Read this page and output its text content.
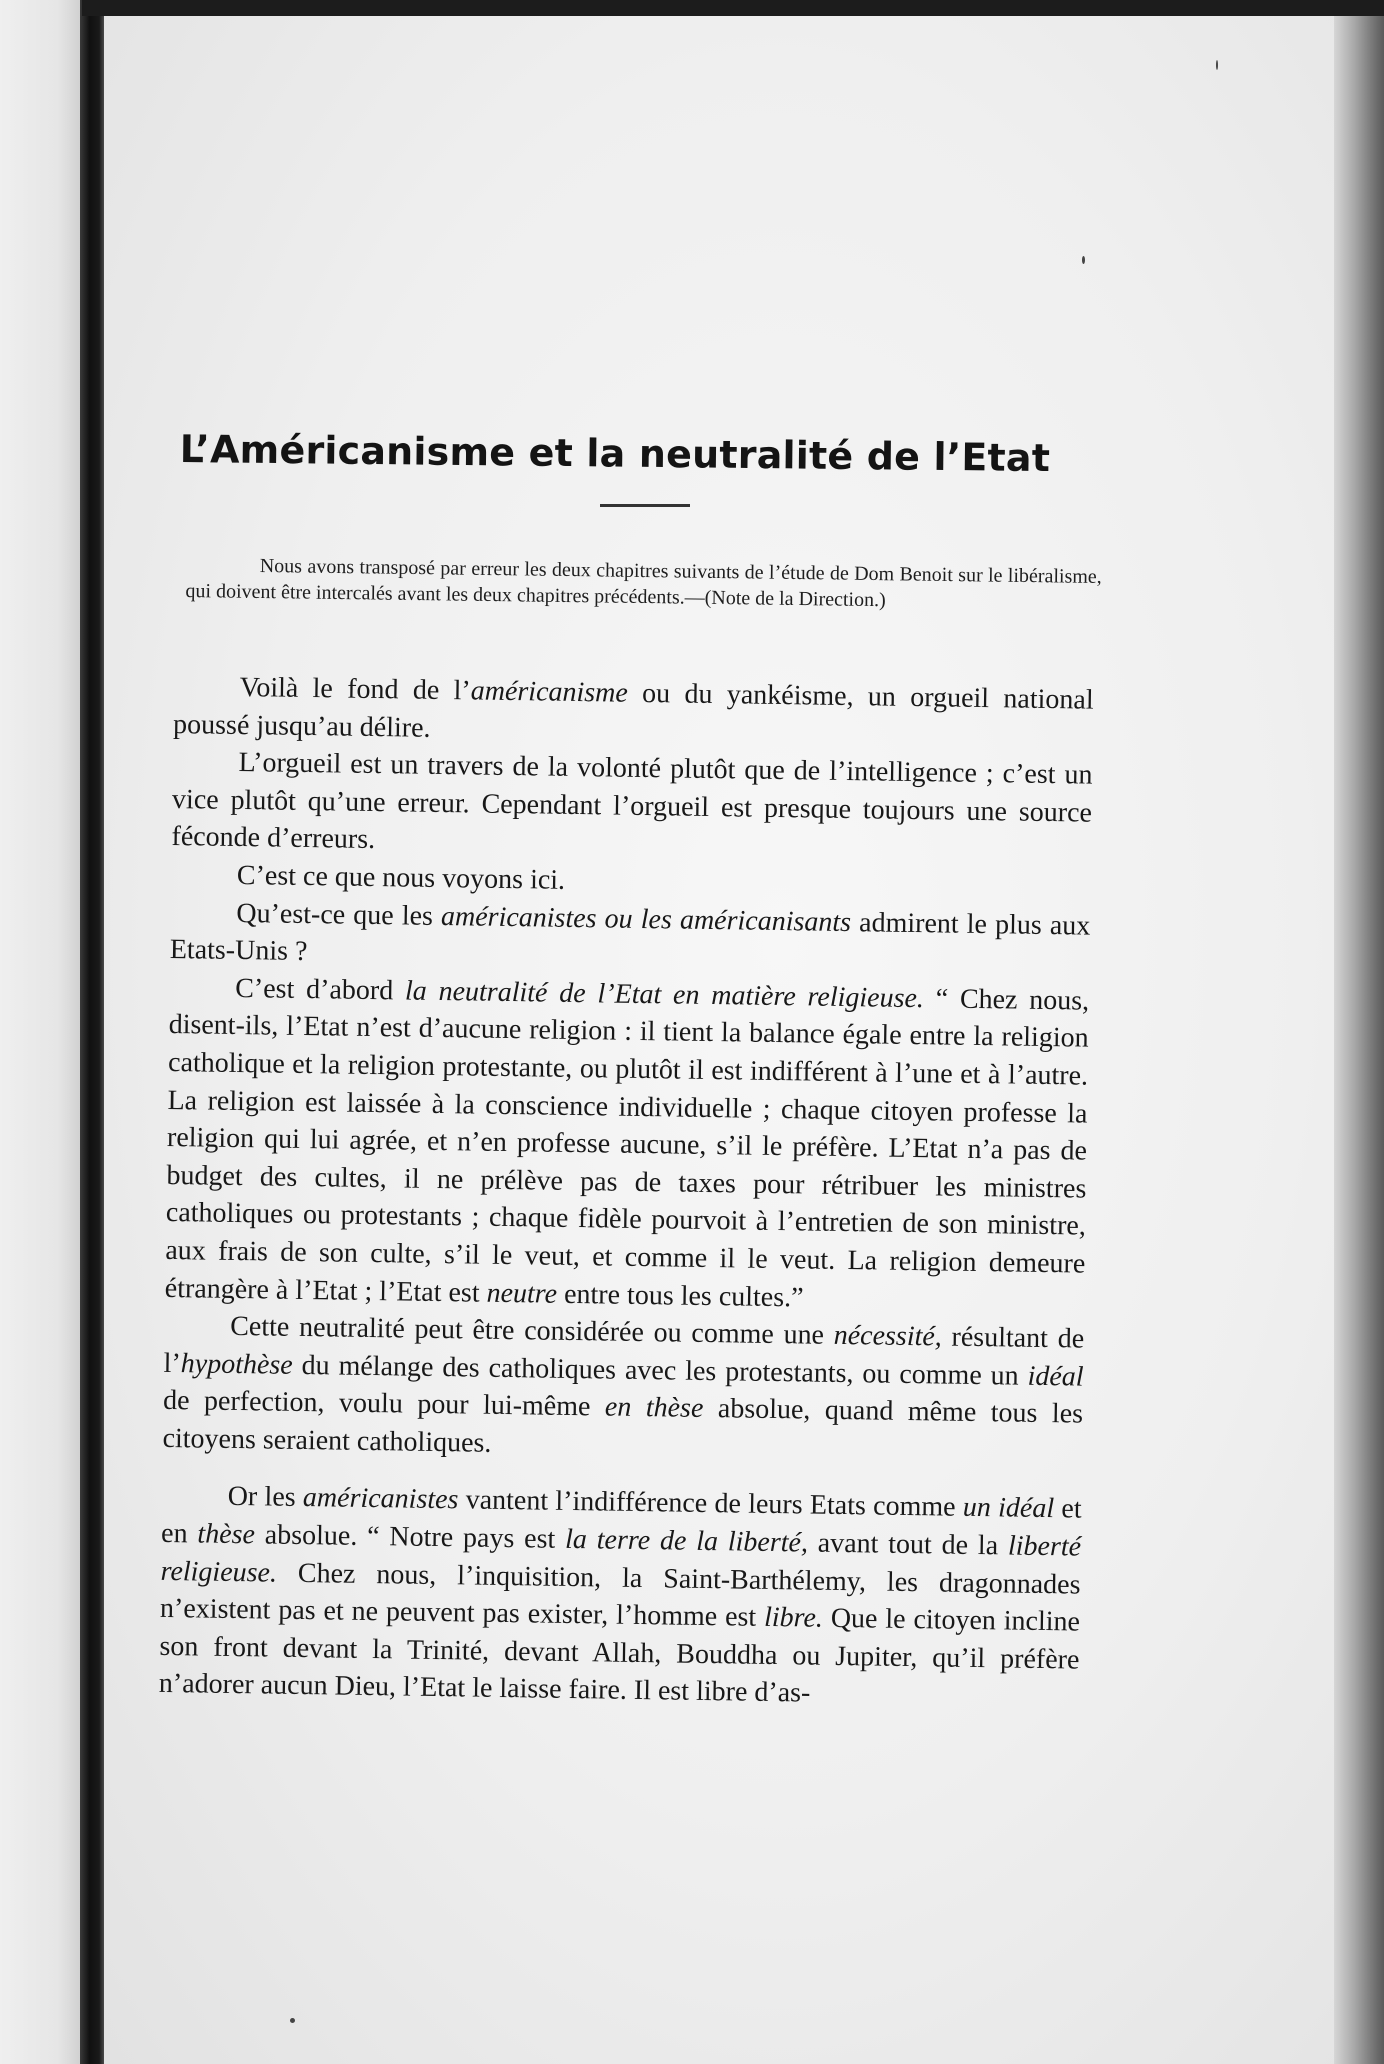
L’Américanisme et la neutralité de l’Etat
Nous avons transposé par erreur les deux chapitres suivants de l’étude de Dom Benoit sur le libéralisme, qui doivent être intercalés avant les deux chapitres précédents.—(Note de la Direction.)

Voilà le fond de l’américanisme ou du yankéisme, un orgueil national poussé jusqu’au délire.

L’orgueil est un travers de la volonté plutôt que de l’intelligence ; c’est un vice plutôt qu’une erreur. Cependant l’orgueil est presque toujours une source féconde d’erreurs.

C’est ce que nous voyons ici.

Qu’est-ce que les américanistes ou les américanisants admirent le plus aux Etats-Unis ?

C’est d’abord la neutralité de l’Etat en matière religieuse. “ Chez nous, disent-ils, l’Etat n’est d’aucune religion : il tient la balance égale entre la religion catholique et la religion protestante, ou plutôt il est indifférent à l’une et à l’autre. La religion est laissée à la conscience individuelle ; chaque citoyen professe la religion qui lui agrée, et n’en professe aucune, s’il le préfère. L’Etat n’a pas de budget des cultes, il ne prélève pas de taxes pour rétribuer les ministres catholiques ou protestants ; chaque fidèle pourvoit à l’entretien de son ministre, aux frais de son culte, s’il le veut, et comme il le veut. La religion demeure étrangère à l’Etat ; l’Etat est neutre entre tous les cultes.”

Cette neutralité peut être considérée ou comme une nécessité, résultant de l’hypothèse du mélange des catholiques avec les protestants, ou comme un idéal de perfection, voulu pour lui-même en thèse absolue, quand même tous les citoyens seraient catholiques.

Or les américanistes vantent l’indifférence de leurs Etats comme un idéal et en thèse absolue. “ Notre pays est la terre de la liberté, avant tout de la liberté religieuse. Chez nous, l’inquisition, la Saint-Barthélemy, les dragonnades n’existent pas et ne peuvent pas exister, l’homme est libre. Que le citoyen incline son front devant la Trinité, devant Allah, Bouddha ou Jupiter, qu’il préfère n’adorer aucun Dieu, l’Etat le laisse faire. Il est libre d’as-
